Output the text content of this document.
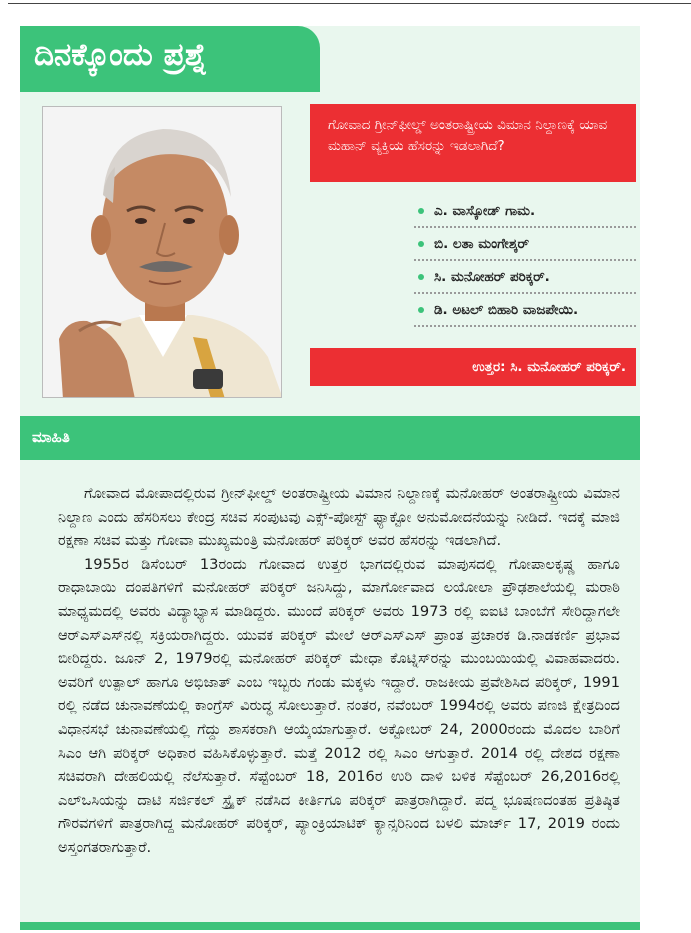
ದಿನಕ್ಕೊಂದು ಪ್ರಶ್ನೆ
ಗೋವಾದ ಗ್ರೀನ್‌ಫೀಲ್ಡ್ ಅಂತರಾಷ್ಟ್ರೀಯ ವಿಮಾನ ನಿಲ್ದಾಣಕ್ಕೆ ಯಾವ ಮಹಾನ್ ವ್ಯಕ್ತಿಯ ಹೆಸರನ್ನು ಇಡಲಾಗಿದೆ?
ಎ. ವಾಸ್ಕೋಡ್ ಗಾಮ.
ಬಿ. ಲತಾ ಮಂಗೇಶ್ಕರ್
ಸಿ. ಮನೋಹರ್ ಪರಿಕ್ಕರ್.
ಡಿ. ಅಟಲ್ ಬಿಹಾರಿ ವಾಜಪೇಯಿ.
ಉತ್ತರ: ಸಿ. ಮನೋಹರ್ ಪರಿಕ್ಕರ್.
ಮಾಹಿತಿ

ಗೋವಾದ ಮೋಪಾದಲ್ಲಿರುವ ಗ್ರೀನ್‌ಫೀಲ್ಡ್ ಅಂತರಾಷ್ಟ್ರೀಯ ವಿಮಾನ ನಿಲ್ದಾಣಕ್ಕೆ ಮನೋಹರ್ ಅಂತರಾಷ್ಟ್ರೀಯ ವಿಮಾನ ನಿಲ್ದಾಣ ಎಂದು ಹೆಸರಿಸಲು ಕೇಂದ್ರ ಸಚಿವ ಸಂಪುಟವು ಎಕ್ಸ್-ಪೋಸ್ಟ್ ಫ್ಯಾಕ್ಟೋ ಅನುಮೋದನೆಯನ್ನು ನೀಡಿದೆ. ಇದಕ್ಕೆ ಮಾಜಿ ರಕ್ಷಣಾ ಸಚಿವ ಮತ್ತು ಗೋವಾ ಮುಖ್ಯಮಂತ್ರಿ ಮನೋಹರ್ ಪರಿಕ್ಕರ್ ಅವರ ಹೆಸರನ್ನು ಇಡಲಾಗಿದೆ.

1955ರ ಡಿಸೆಂಬರ್ 13ರಂದು ಗೋವಾದ ಉತ್ತರ ಭಾಗದಲ್ಲಿರುವ ಮಾಪುಸದಲ್ಲಿ ಗೋಪಾಲಕೃಷ್ಣ ಹಾಗೂ ರಾಧಾಬಾಯಿ ದಂಪತಿಗಳಿಗೆ ಮನೋಹರ್ ಪರಿಕ್ಕರ್ ಜನಿಸಿದ್ದು, ಮಾರ್ಗೋವಾದ ಲಯೋಲಾ ಪ್ರೌಢಶಾಲೆಯಲ್ಲಿ ಮರಾಠಿ ಮಾಧ್ಯಮದಲ್ಲಿ ಅವರು ವಿದ್ಯಾಭ್ಯಾಸ ಮಾಡಿದ್ದರು. ಮುಂದೆ ಪರಿಕ್ಕರ್ ಅವರು 1973 ರಲ್ಲಿ ಐಐಟಿ ಬಾಂಬೆಗೆ ಸೇರಿದ್ದಾಗಲೇ ಆರ್‌ಎಸ್‌ಎಸ್‌ನಲ್ಲಿ ಸಕ್ರಿಯರಾಗಿದ್ದರು. ಯುವಕ ಪರಿಕ್ಕರ್ ಮೇಲೆ ಆರ್‌ಎಸ್‌ಎಸ್ ಪ್ರಾಂತ ಪ್ರಚಾರಕ ಡಿ.ನಾಡಕರ್ಣಿ ಪ್ರಭಾವ ಬೀರಿದ್ದರು. ಜೂನ್ 2, 1979ರಲ್ಲಿ ಮನೋಹರ್ ಪರಿಕ್ಕರ್ ಮೇಧಾ ಕೊಟ್ನಿಸ್‌ರನ್ನು ಮುಂಬಯಿಯಲ್ಲಿ ವಿವಾಹವಾದರು. ಅವರಿಗೆ ಉತ್ಪಾಲ್ ಹಾಗೂ ಅಭಿಜಾತ್ ಎಂಬ ಇಬ್ಬರು ಗಂಡು ಮಕ್ಕಳು ಇದ್ದಾರೆ. ರಾಜಕೀಯ ಪ್ರವೇಶಿಸಿದ ಪರಿಕ್ಕರ್, 1991 ರಲ್ಲಿ ನಡೆದ ಚುನಾವಣೆಯಲ್ಲಿ ಕಾಂಗ್ರೆಸ್ ವಿರುದ್ಧ ಸೋಲುತ್ತಾರೆ. ನಂತರ, ನವೆಂಬರ್ 1994ರಲ್ಲಿ ಅವರು ಪಣಜಿ ಕ್ಷೇತ್ರದಿಂದ ವಿಧಾನಸಭೆ ಚುನಾವಣೆಯಲ್ಲಿ ಗೆದ್ದು ಶಾಸಕರಾಗಿ ಆಯ್ಕೆಯಾಗುತ್ತಾರೆ. ಅಕ್ಟೋಬರ್ 24, 2000ರಂದು ಮೊದಲ ಬಾರಿಗೆ ಸಿಎಂ ಆಗಿ ಪರಿಕ್ಕರ್ ಅಧಿಕಾರ ವಹಿಸಿಕೊಳ್ಳುತ್ತಾರೆ. ಮತ್ತೆ 2012 ರಲ್ಲಿ ಸಿಎಂ ಆಗುತ್ತಾರೆ. 2014 ರಲ್ಲಿ ದೇಶದ ರಕ್ಷಣಾ ಸಚಿವರಾಗಿ ದೇಹಲಿಯಲ್ಲಿ ನೆಲೆಸುತ್ತಾರೆ. ಸೆಪ್ಟೆಂಬರ್ 18, 2016ರ ಉರಿ ದಾಳಿ ಬಳಿಕ ಸೆಪ್ಟೆಂಬರ್ 26,2016ರಲ್ಲಿ ಎಲ್‌ಒಸಿಯನ್ನು ದಾಟಿ ಸರ್ಜಿಕಲ್ ಸ್ಟ್ರೈಕ್ ನಡೆಸಿದ ಕೀರ್ತಿಗೂ ಪರಿಕ್ಕರ್ ಪಾತ್ರರಾಗಿದ್ದಾರೆ. ಪದ್ಮ ಭೂಷಣದಂತಹ ಪ್ರತಿಷ್ಠಿತ ಗೌರವಗಳಿಗೆ ಪಾತ್ರರಾಗಿದ್ದ ಮನೋಹರ್ ಪರಿಕ್ಕರ್, ಪ್ಯಾಂಕ್ರಿಯಾಟಿಕ್ ಕ್ಯಾನ್ಸರಿನಿಂದ ಬಳಲಿ ಮಾರ್ಚ್ 17, 2019 ರಂದು ಅಸ್ತಂಗತರಾಗುತ್ತಾರೆ.
